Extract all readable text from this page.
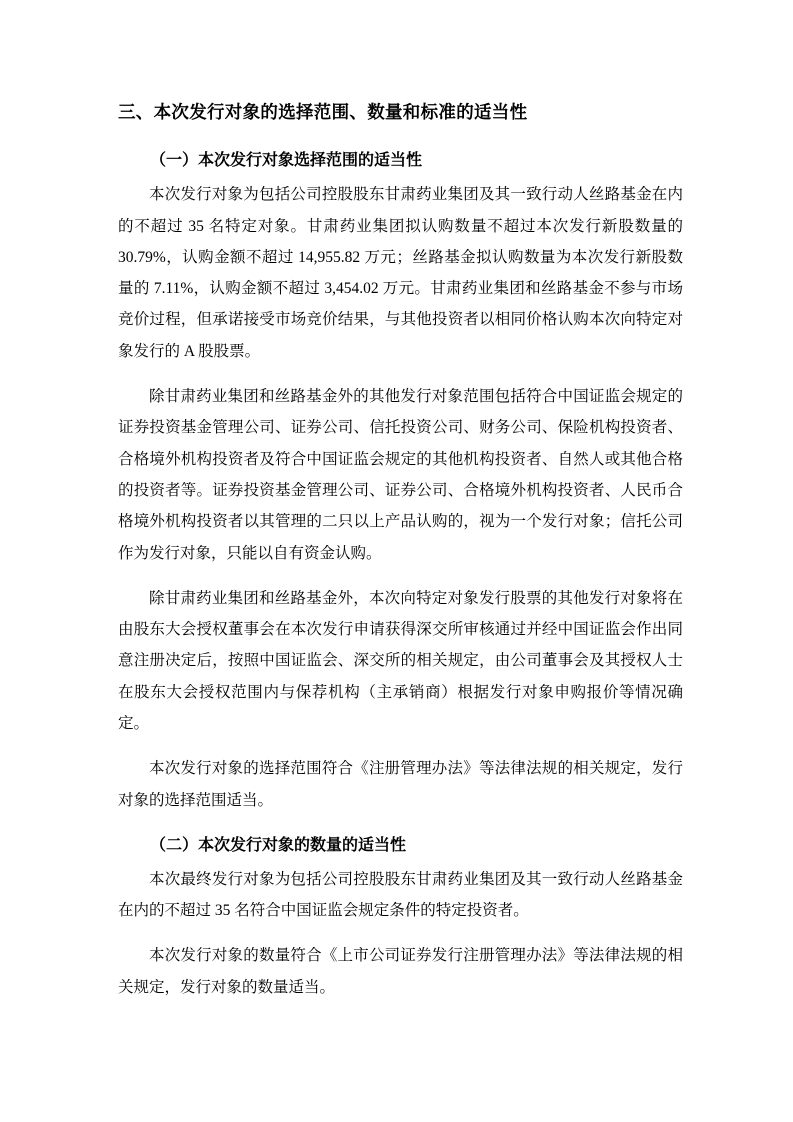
三、本次发行对象的选择范围、数量和标准的适当性
（一）本次发行对象选择范围的适当性

本次发行对象为包括公司控股股东甘肃药业集团及其一致行动人丝路基金在内的不超过 35 名特定对象。甘肃药业集团拟认购数量不超过本次发行新股数量的 30.79%，认购金额不超过 14,955.82 万元；丝路基金拟认购数量为本次发行新股数量的 7.11%，认购金额不超过 3,454.02 万元。甘肃药业集团和丝路基金不参与市场竞价过程，但承诺接受市场竞价结果，与其他投资者以相同价格认购本次向特定对象发行的 A 股股票。

除甘肃药业集团和丝路基金外的其他发行对象范围包括符合中国证监会规定的证券投资基金管理公司、证券公司、信托投资公司、财务公司、保险机构投资者、合格境外机构投资者及符合中国证监会规定的其他机构投资者、自然人或其他合格的投资者等。证券投资基金管理公司、证券公司、合格境外机构投资者、人民币合格境外机构投资者以其管理的二只以上产品认购的，视为一个发行对象；信托公司作为发行对象，只能以自有资金认购。

除甘肃药业集团和丝路基金外，本次向特定对象发行股票的其他发行对象将在由股东大会授权董事会在本次发行申请获得深交所审核通过并经中国证监会作出同意注册决定后，按照中国证监会、深交所的相关规定，由公司董事会及其授权人士在股东大会授权范围内与保荐机构（主承销商）根据发行对象申购报价等情况确定。

本次发行对象的选择范围符合《注册管理办法》等法律法规的相关规定，发行对象的选择范围适当。

（二）本次发行对象的数量的适当性

本次最终发行对象为包括公司控股股东甘肃药业集团及其一致行动人丝路基金在内的不超过 35 名符合中国证监会规定条件的特定投资者。

本次发行对象的数量符合《上市公司证券发行注册管理办法》等法律法规的相关规定，发行对象的数量适当。
